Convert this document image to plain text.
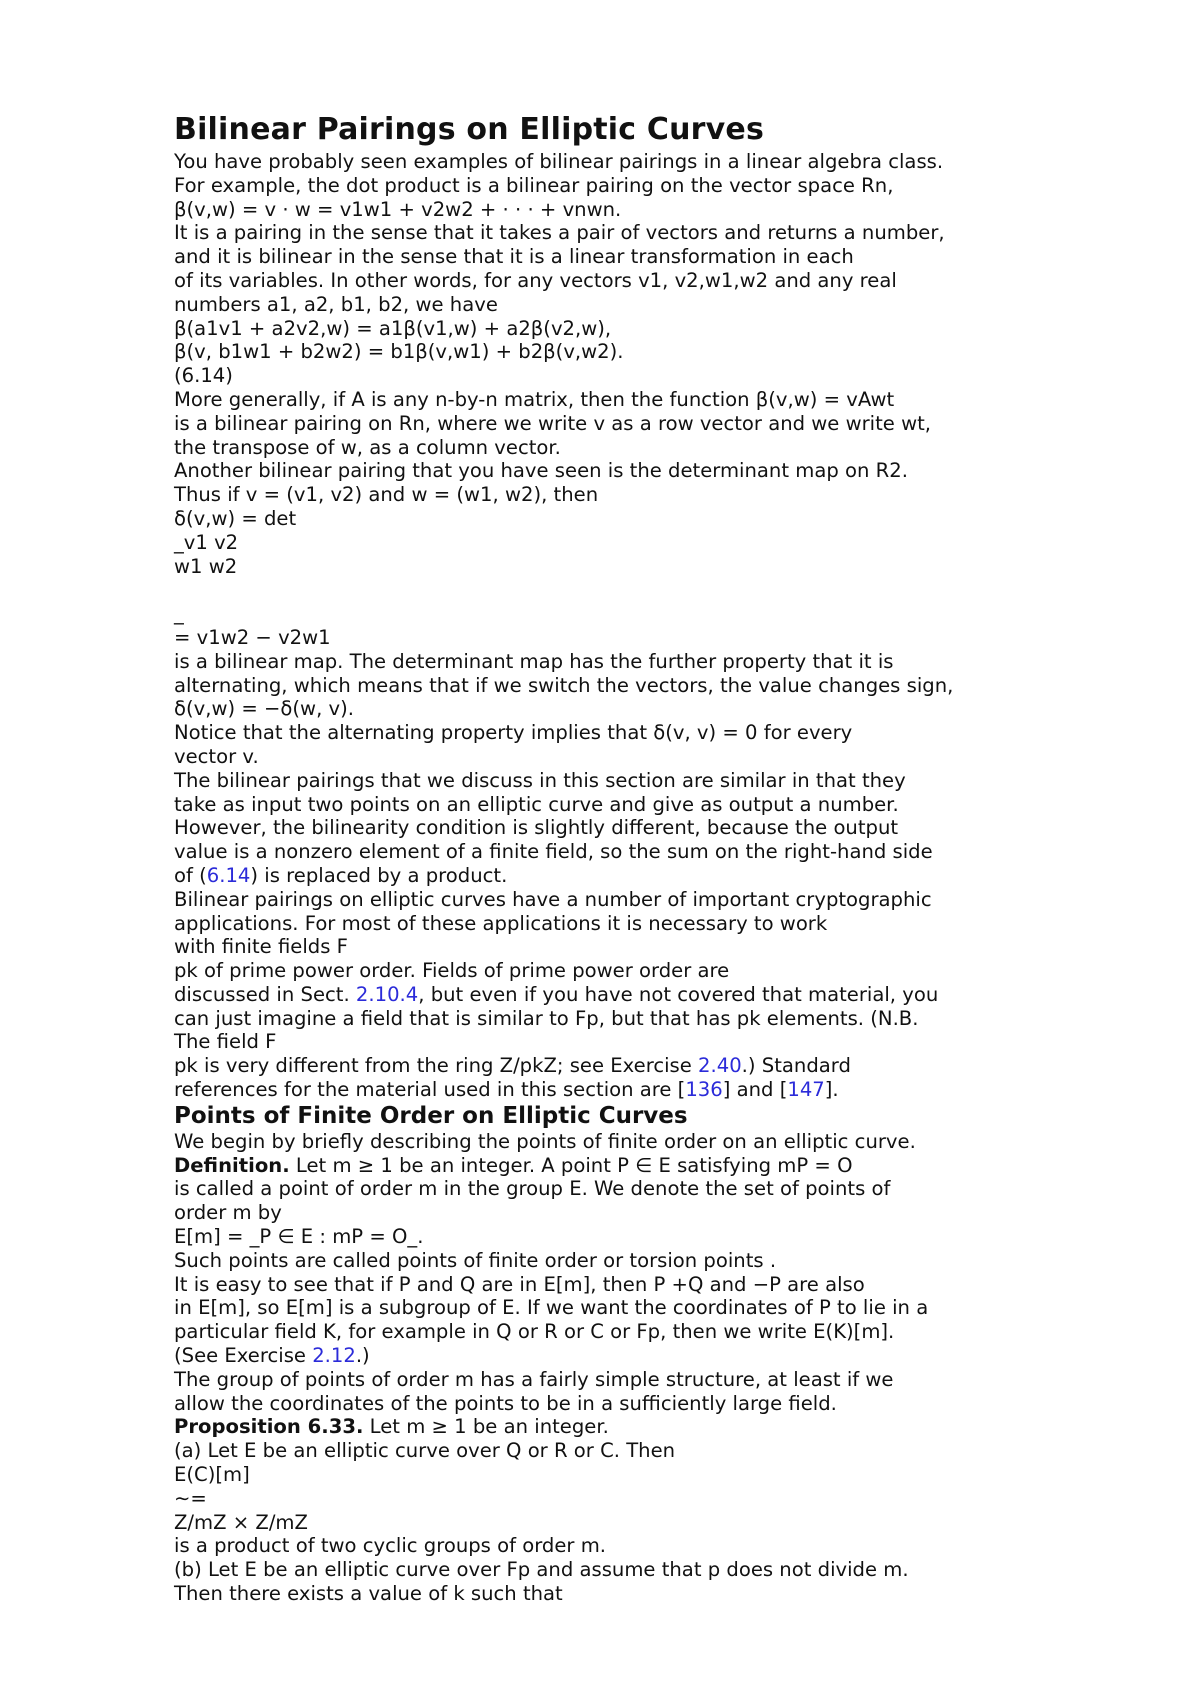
Bilinear Pairings on Elliptic Curves
You have probably seen examples of bilinear pairings in a linear algebra class.
For example, the dot product is a bilinear pairing on the vector space Rn,
β(v,w) = v · w = v1w1 + v2w2 + · · · + vnwn.
It is a pairing in the sense that it takes a pair of vectors and returns a number,
and it is bilinear in the sense that it is a linear transformation in each
of its variables. In other words, for any vectors v1, v2,w1,w2 and any real
numbers a1, a2, b1, b2, we have
β(a1v1 + a2v2,w) = a1β(v1,w) + a2β(v2,w),
β(v, b1w1 + b2w2) = b1β(v,w1) + b2β(v,w2).
(6.14)
More generally, if A is any n-by-n matrix, then the function β(v,w) = vAwt
is a bilinear pairing on Rn, where we write v as a row vector and we write wt,
the transpose of w, as a column vector.
Another bilinear pairing that you have seen is the determinant map on R2.
Thus if v = (v1, v2) and w = (w1, w2), then
δ(v,w) = det
_v1 v2
w1 w2

_
= v1w2 − v2w1
is a bilinear map. The determinant map has the further property that it is
alternating, which means that if we switch the vectors, the value changes sign,
δ(v,w) = −δ(w, v).
Notice that the alternating property implies that δ(v, v) = 0 for every
vector v.
The bilinear pairings that we discuss in this section are similar in that they
take as input two points on an elliptic curve and give as output a number.
However, the bilinearity condition is slightly different, because the output
value is a nonzero element of a finite field, so the sum on the right-hand side
of (6.14) is replaced by a product.
Bilinear pairings on elliptic curves have a number of important cryptographic
applications. For most of these applications it is necessary to work
with finite fields F
pk of prime power order. Fields of prime power order are
discussed in Sect. 2.10.4, but even if you have not covered that material, you
can just imagine a field that is similar to Fp, but that has pk elements. (N.B.
The field F
pk is very different from the ring Z/pkZ; see Exercise 2.40.) Standard
references for the material used in this section are [136] and [147].
Points of Finite Order on Elliptic Curves
We begin by briefly describing the points of finite order on an elliptic curve.
Definition. Let m ≥ 1 be an integer. A point P ∈ E satisfying mP = O
is called a point of order m in the group E. We denote the set of points of
order m by
E[m] = _P ∈ E : mP = O_.
Such points are called points of finite order or torsion points .
It is easy to see that if P and Q are in E[m], then P +Q and −P are also
in E[m], so E[m] is a subgroup of E. If we want the coordinates of P to lie in a
particular field K, for example in Q or R or C or Fp, then we write E(K)[m].
(See Exercise 2.12.)
The group of points of order m has a fairly simple structure, at least if we
allow the coordinates of the points to be in a sufficiently large field.
Proposition 6.33. Let m ≥ 1 be an integer.
(a) Let E be an elliptic curve over Q or R or C. Then
E(C)[m]
∼=
Z/mZ × Z/mZ
is a product of two cyclic groups of order m.
(b) Let E be an elliptic curve over Fp and assume that p does not divide m.
Then there exists a value of k such that
